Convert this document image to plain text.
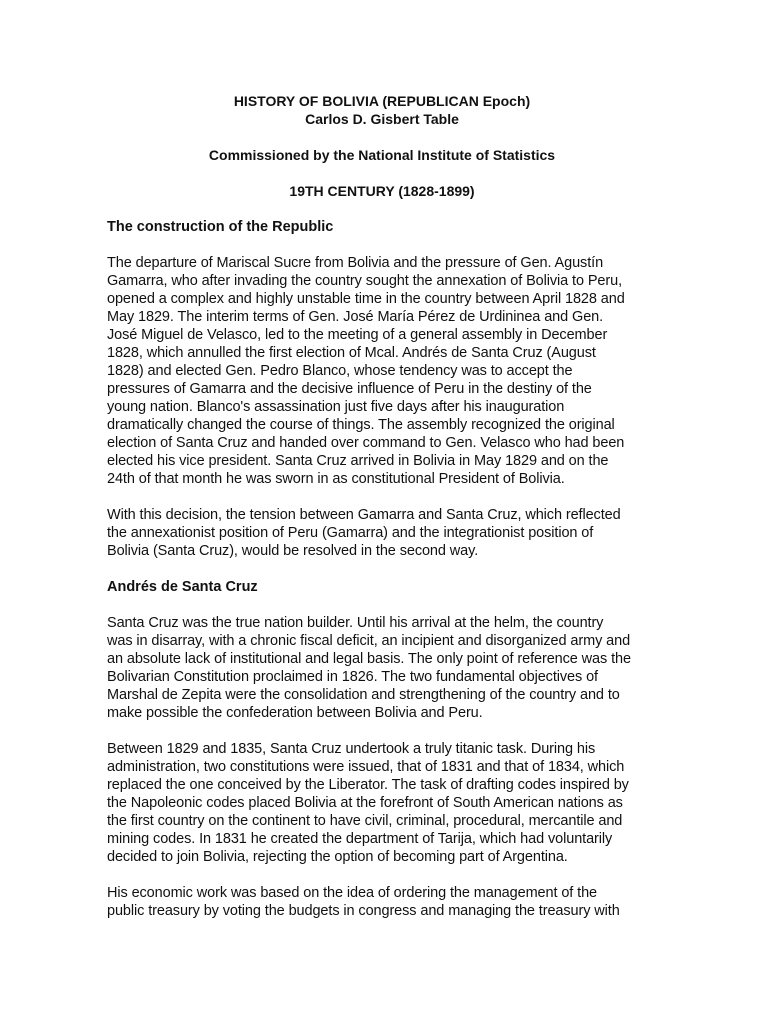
HISTORY OF BOLIVIA (REPUBLICAN Epoch)
Carlos D. Gisbert Table
Commissioned by the National Institute of Statistics
19TH CENTURY (1828-1899)
The construction of the Republic

The departure of Mariscal Sucre from Bolivia and the pressure of Gen. Agustín
Gamarra, who after invading the country sought the annexation of Bolivia to Peru,
opened a complex and highly unstable time in the country between April 1828 and
May 1829. The interim terms of Gen. José María Pérez de Urdininea and Gen.
José Miguel de Velasco, led to the meeting of a general assembly in December
1828, which annulled the first election of Mcal. Andrés de Santa Cruz (August
1828) and elected Gen. Pedro Blanco, whose tendency was to accept the
pressures of Gamarra and the decisive influence of Peru in the destiny of the
young nation. Blanco's assassination just five days after his inauguration
dramatically changed the course of things. The assembly recognized the original
election of Santa Cruz and handed over command to Gen. Velasco who had been
elected his vice president. Santa Cruz arrived in Bolivia in May 1829 and on the
24th of that month he was sworn in as constitutional President of Bolivia.

With this decision, the tension between Gamarra and Santa Cruz, which reflected
the annexationist position of Peru (Gamarra) and the integrationist position of
Bolivia (Santa Cruz), would be resolved in the second way.

Andrés de Santa Cruz

Santa Cruz was the true nation builder. Until his arrival at the helm, the country
was in disarray, with a chronic fiscal deficit, an incipient and disorganized army and
an absolute lack of institutional and legal basis. The only point of reference was the
Bolivarian Constitution proclaimed in 1826. The two fundamental objectives of
Marshal de Zepita were the consolidation and strengthening of the country and to
make possible the confederation between Bolivia and Peru.

Between 1829 and 1835, Santa Cruz undertook a truly titanic task. During his
administration, two constitutions were issued, that of 1831 and that of 1834, which
replaced the one conceived by the Liberator. The task of drafting codes inspired by
the Napoleonic codes placed Bolivia at the forefront of South American nations as
the first country on the continent to have civil, criminal, procedural, mercantile and
mining codes. In 1831 he created the department of Tarija, which had voluntarily
decided to join Bolivia, rejecting the option of becoming part of Argentina.

His economic work was based on the idea of ordering the management of the
public treasury by voting the budgets in congress and managing the treasury with
